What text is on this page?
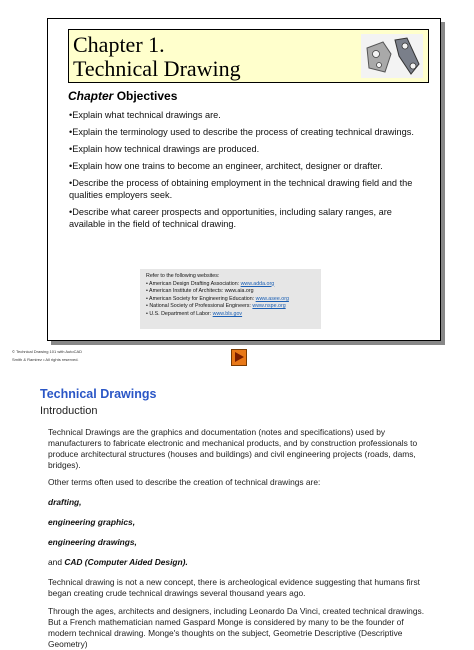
Chapter 1.
Technical Drawing
Chapter Objectives
•Explain what technical drawings are.
•Explain the terminology used to describe the process of creating technical drawings.
•Explain how technical drawings are produced.
•Explain how one trains to become an engineer, architect, designer or drafter.
•Describe the process of obtaining employment in the technical drawing field and the qualities employers seek.
•Describe what career prospects and opportunities, including salary ranges, are available in the field of technical drawing.
Refer to the following websites:
• American Design Drafting Association: www.adda.org
• American Institute of Architects: www.aia.org
• American Society for Engineering Education: www.asee.org
• National Society of Professional Engineers: www.nspe.org
• U.S. Department of Labor: www.bls.gov
© Technical Drawing 101 with AutoCAD
Smith & Ramirez • All rights reserved.
Technical Drawings
Introduction

Technical Drawings are the graphics and documentation (notes and specifications) used by manufacturers to fabricate electronic and mechanical products, and by construction professionals to produce architectural structures (houses and buildings) and civil engineering projects (roads, dams, bridges).

Other terms often used to describe the creation of technical drawings are:

drafting,
engineering graphics,
engineering drawings,
and CAD (Computer Aided Design).

Technical drawing is not a new concept, there is archeological evidence suggesting that humans first began creating crude technical drawings several thousand years ago.

Through the ages, architects and designers, including Leonardo Da Vinci, created technical drawings. But a French mathematician named Gaspard Monge is considered by many to be the founder of modern technical drawing. Monge's thoughts on the subject, Geometrie Descriptive (Descriptive Geometry)
